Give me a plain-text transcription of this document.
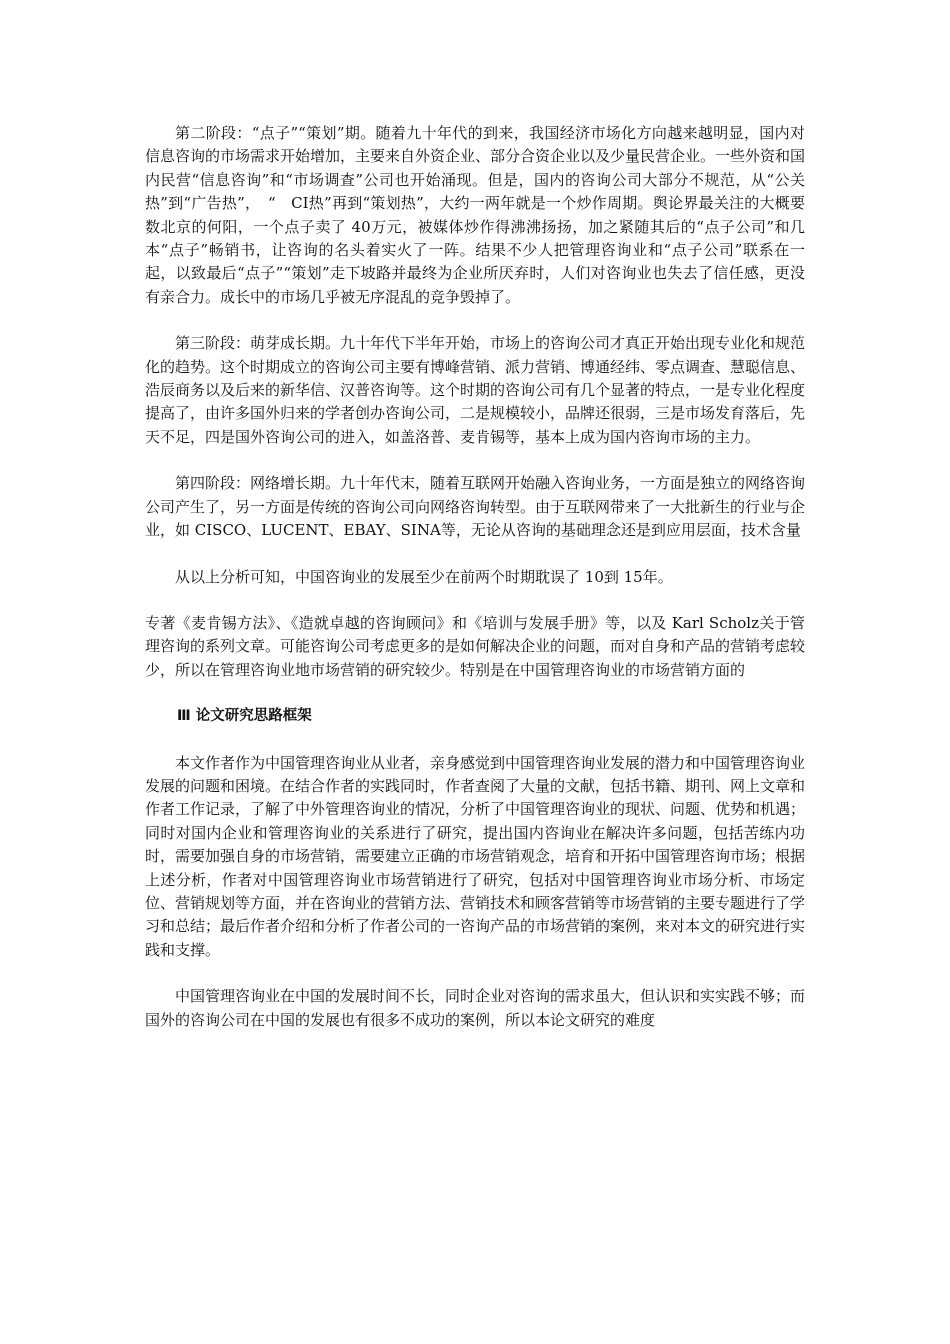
第二阶段：“点子”“策划”期。随着九十年代的到来，我国经济市场化方向越来越明显，国内对信息咨询的市场需求开始增加，主要来自外资企业、部分合资企业以及少量民营企业。一些外资和国内民营“信息咨询”和“市场调查”公司也开始涌现。但是，国内的咨询公司大部分不规范，从“公关热”到“广告热”，　“　CI热”再到“策划热”，大约一两年就是一个炒作周期。舆论界最关注的大概要数北京的何阳，一个点子卖了 40万元，被媒体炒作得沸沸扬扬，加之紧随其后的“点子公司”和几本“点子”畅销书，让咨询的名头着实火了一阵。结果不少人把管理咨询业和“点子公司”联系在一起，以致最后“点子”“策划”走下坡路并最终为企业所厌弃时，人们对咨询业也失去了信任感，更没有亲合力。成长中的市场几乎被无序混乱的竞争毁掉了。

第三阶段：萌芽成长期。九十年代下半年开始，市场上的咨询公司才真正开始出现专业化和规范化的趋势。这个时期成立的咨询公司主要有博峰营销、派力营销、博通经纬、零点调查、慧聪信息、浩辰商务以及后来的新华信、汉普咨询等。这个时期的咨询公司有几个显著的特点，一是专业化程度提高了，由许多国外归来的学者创办咨询公司，二是规模较小，品牌还很弱，三是市场发育落后，先天不足，四是国外咨询公司的进入，如盖洛普、麦肯锡等，基本上成为国内咨询市场的主力。

第四阶段：网络增长期。九十年代末，随着互联网开始融入咨询业务，一方面是独立的网络咨询公司产生了，另一方面是传统的咨询公司向网络咨询转型。由于互联网带来了一大批新生的行业与企业，如 CISCO、LUCENT、EBAY、SINA等，无论从咨询的基础理念还是到应用层面，技术含量

从以上分析可知，中国咨询业的发展至少在前两个时期耽误了 10到 15年。

专著《麦肯锡方法》、《造就卓越的咨询顾问》和《培训与发展手册》等，以及 Karl Scholz关于管理咨询的系列文章。可能咨询公司考虑更多的是如何解决企业的问题，而对自身和产品的营销考虑较少，所以在管理咨询业地市场营销的研究较少。特别是在中国管理咨询业的市场营销方面的

Ⅲ 论文研究思路框架

本文作者作为中国管理咨询业从业者，亲身感觉到中国管理咨询业发展的潜力和中国管理咨询业发展的问题和困境。在结合作者的实践同时，作者查阅了大量的文献，包括书籍、期刊、网上文章和作者工作记录，了解了中外管理咨询业的情况，分析了中国管理咨询业的现状、问题、优势和机遇；同时对国内企业和管理咨询业的关系进行了研究，提出国内咨询业在解决许多问题，包括苦练内功时，需要加强自身的市场营销，需要建立正确的市场营销观念，培育和开拓中国管理咨询市场；根据上述分析，作者对中国管理咨询业市场营销进行了研究，包括对中国管理咨询业市场分析、市场定位、营销规划等方面，并在咨询业的营销方法、营销技术和顾客营销等市场营销的主要专题进行了学习和总结；最后作者介绍和分析了作者公司的一咨询产品的市场营销的案例，来对本文的研究进行实践和支撑。

中国管理咨询业在中国的发展时间不长，同时企业对咨询的需求虽大，但认识和实实践不够；而国外的咨询公司在中国的发展也有很多不成功的案例，所以本论文研究的难度
